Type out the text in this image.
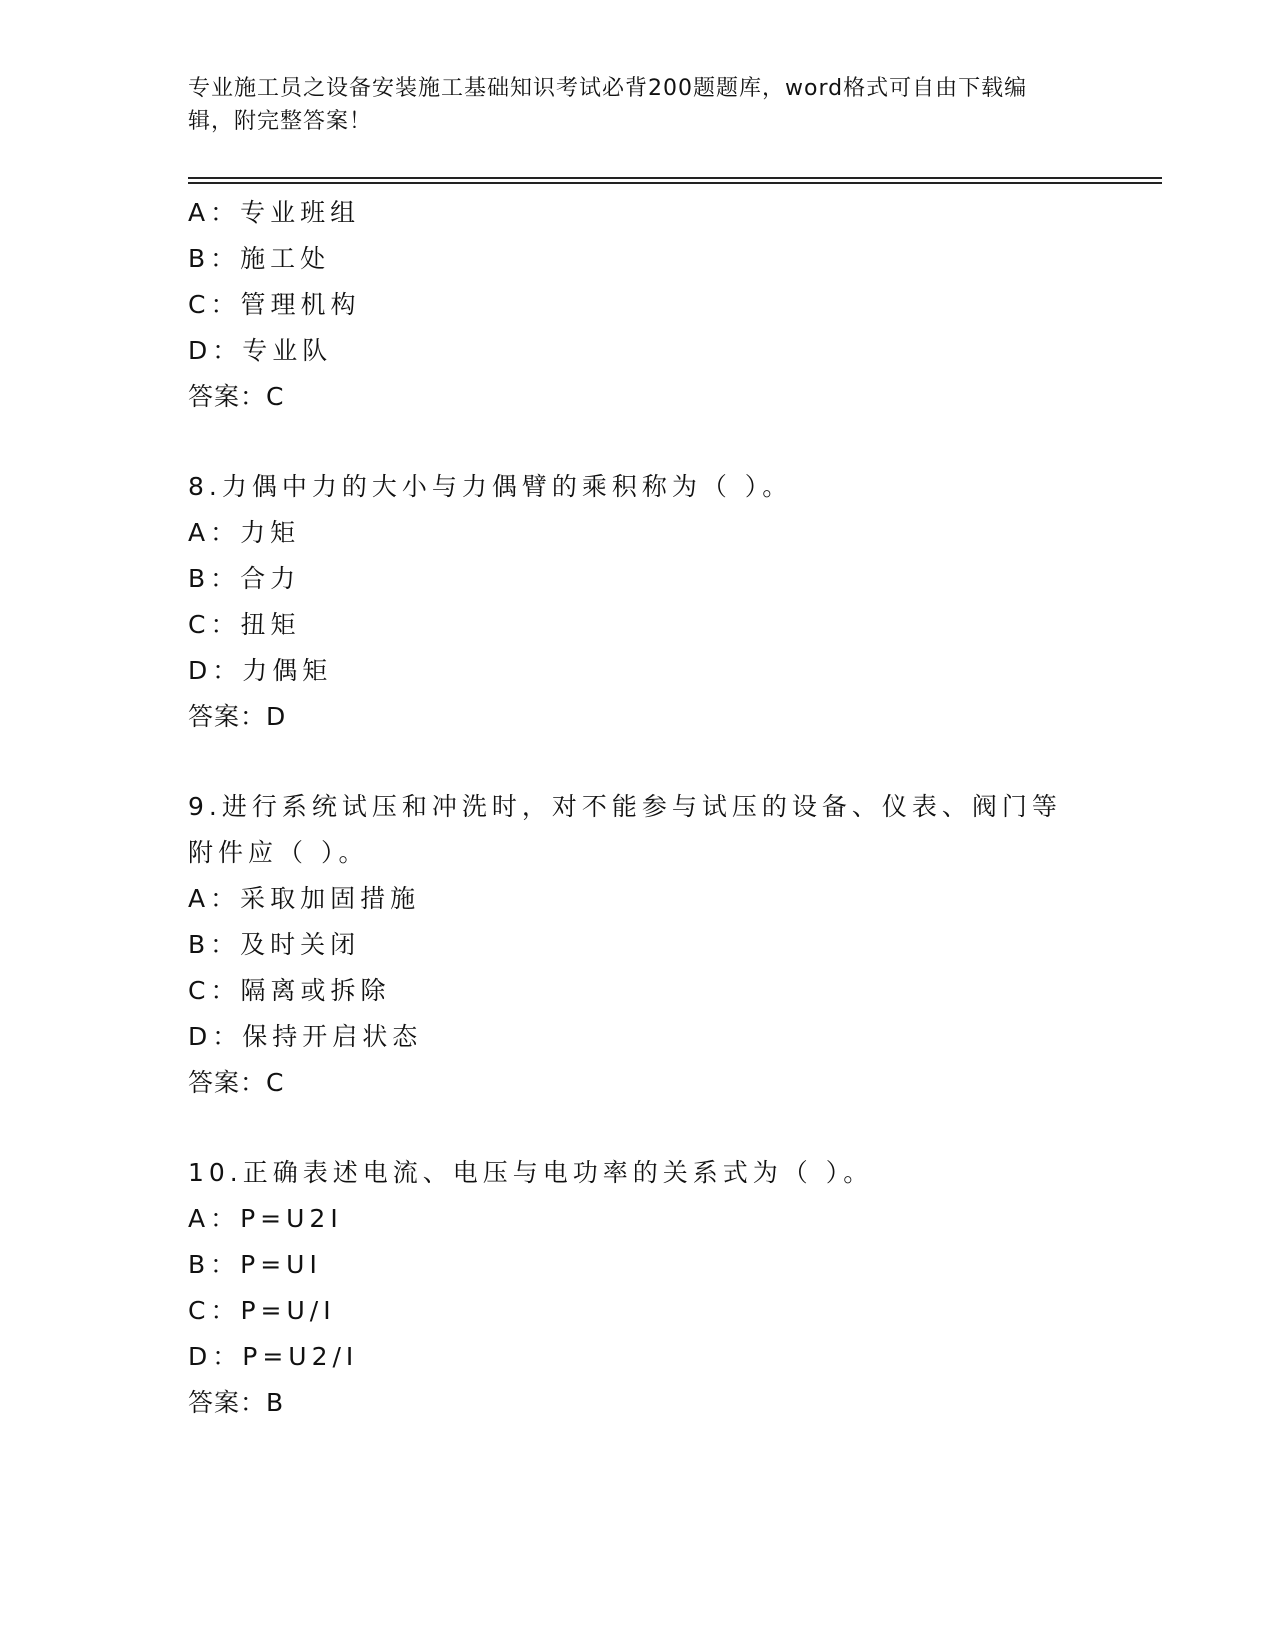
专业施工员之设备安装施工基础知识考试必背200题题库，word格式可自由下载编辑，附完整答案！
A：专业班组
B：施工处
C：管理机构
D：专业队
答案：C
8.力偶中力的大小与力偶臂的乘积称为（ ）。
A：力矩
B：合力
C：扭矩
D：力偶矩
答案：D
9.进行系统试压和冲洗时，对不能参与试压的设备、仪表、阀门等附件应（ ）。
A：采取加固措施
B：及时关闭
C：隔离或拆除
D：保持开启状态
答案：C
10.正确表述电流、电压与电功率的关系式为（ ）。
A：P=U2I
B：P=UI
C：P=U/I
D：P=U2/I
答案：B
